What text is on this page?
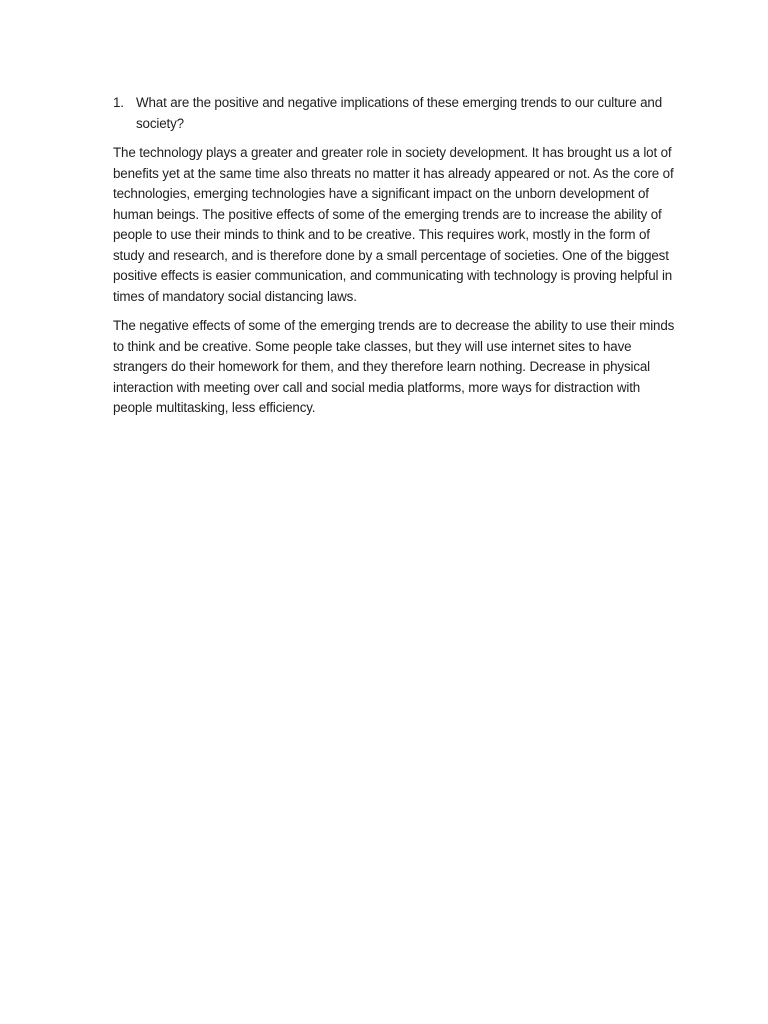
1. What are the positive and negative implications of these emerging trends to our culture and society?

The technology plays a greater and greater role in society development. It has brought us a lot of benefits yet at the same time also threats no matter it has already appeared or not. As the core of technologies, emerging technologies have a significant impact on the unborn development of human beings. The positive effects of some of the emerging trends are to increase the ability of people to use their minds to think and to be creative. This requires work, mostly in the form of study and research, and is therefore done by a small percentage of societies. One of the biggest positive effects is easier communication, and communicating with technology is proving helpful in times of mandatory social distancing laws.

The negative effects of some of the emerging trends are to decrease the ability to use their minds to think and be creative. Some people take classes, but they will use internet sites to have strangers do their homework for them, and they therefore learn nothing. Decrease in physical interaction with meeting over call and social media platforms, more ways for distraction with people multitasking, less efficiency.
